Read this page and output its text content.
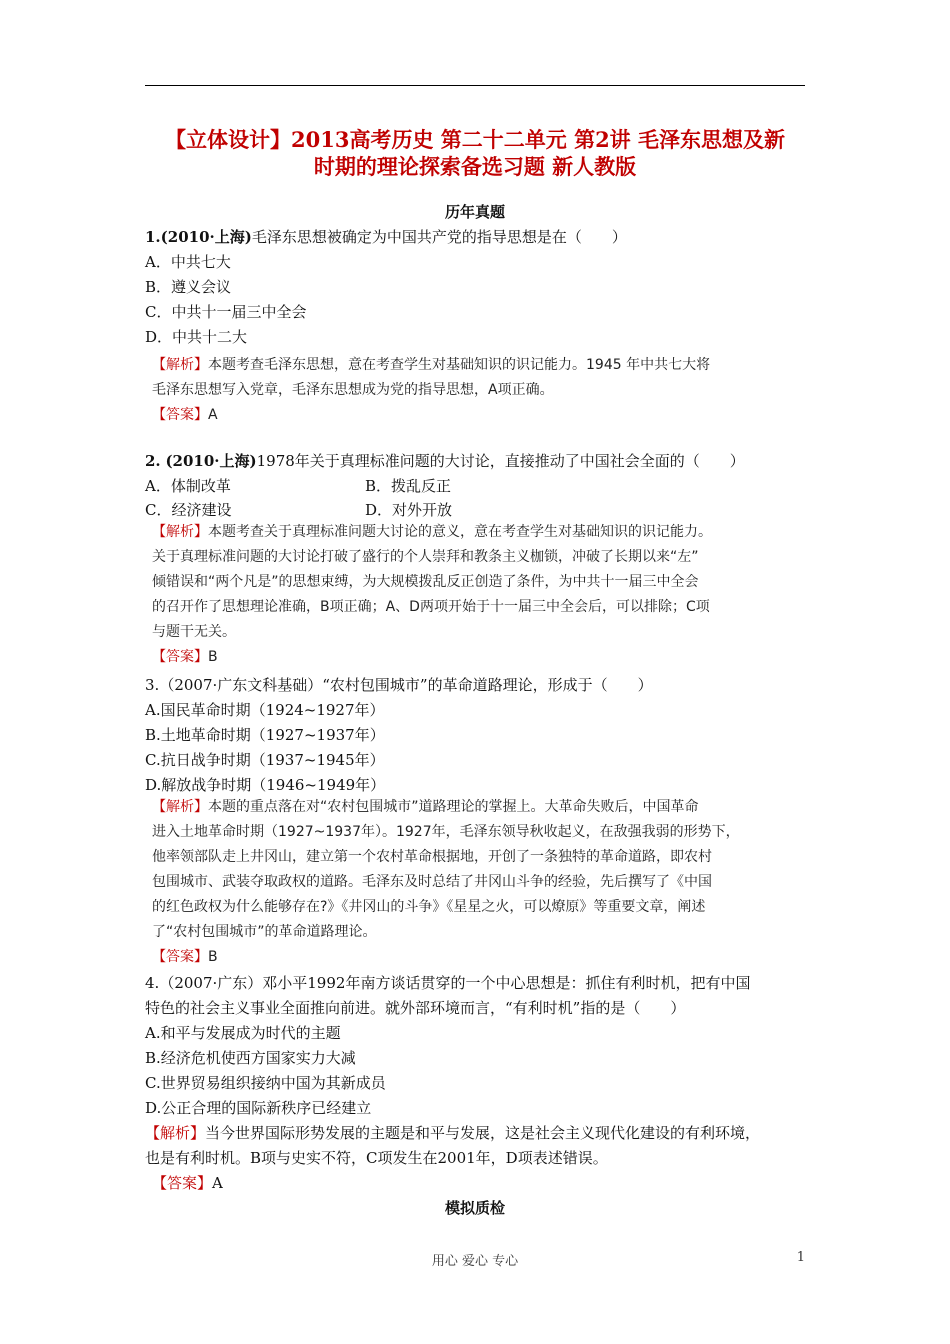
【立体设计】2013高考历史 第二十二单元 第2讲 毛泽东思想及新
时期的理论探索备选习题 新人教版
历年真题
1.(2010·上海)毛泽东思想被确定为中国共产党的指导思想是在（　　）
A．中共七大
B．遵义会议
C．中共十一届三中全会
D．中共十二大
【解析】本题考查毛泽东思想，意在考查学生对基础知识的识记能力。1945 年中共七大将
毛泽东思想写入党章，毛泽东思想成为党的指导思想，A项正确。
【答案】A
2. (2010·上海)1978年关于真理标准问题的大讨论，直接推动了中国社会全面的（　　）
A．体制改革	B．拨乱反正
C．经济建设	D．对外开放
【解析】本题考查关于真理标准问题大讨论的意义，意在考查学生对基础知识的识记能力。
关于真理标准问题的大讨论打破了盛行的个人崇拜和教条主义枷锁，冲破了长期以来“左”
倾错误和“两个凡是”的思想束缚，为大规模拨乱反正创造了条件，为中共十一届三中全会
的召开作了思想理论准确，B项正确；A、D两项开始于十一届三中全会后，可以排除；C项
与题干无关。
【答案】B
3.（2007·广东文科基础）“农村包围城市”的革命道路理论，形成于（　　）
A.国民革命时期（1924~1927年）
B.土地革命时期（1927~1937年）
C.抗日战争时期（1937~1945年）
D.解放战争时期（1946~1949年）
【解析】本题的重点落在对“农村包围城市”道路理论的掌握上。大革命失败后，中国革命
进入土地革命时期（1927~1937年）。1927年，毛泽东领导秋收起义，在敌强我弱的形势下，
他率领部队走上井冈山，建立第一个农村革命根据地，开创了一条独特的革命道路，即农村
包围城市、武装夺取政权的道路。毛泽东及时总结了井冈山斗争的经验，先后撰写了《中国
的红色政权为什么能够存在?》《井冈山的斗争》《星星之火，可以燎原》等重要文章，阐述
了“农村包围城市”的革命道路理论。
【答案】B
4.（2007·广东）邓小平1992年南方谈话贯穿的一个中心思想是：抓住有利时机，把有中国
特色的社会主义事业全面推向前进。就外部环境而言，“有利时机”指的是（　　）
A.和平与发展成为时代的主题
B.经济危机使西方国家实力大减
C.世界贸易组织接纳中国为其新成员
D.公正合理的国际新秩序已经建立
【解析】当今世界国际形势发展的主题是和平与发展，这是社会主义现代化建设的有利环境，
也是有利时机。B项与史实不符，C项发生在2001年，D项表述错误。
【答案】A
模拟质检
用心 爱心 专心	1
